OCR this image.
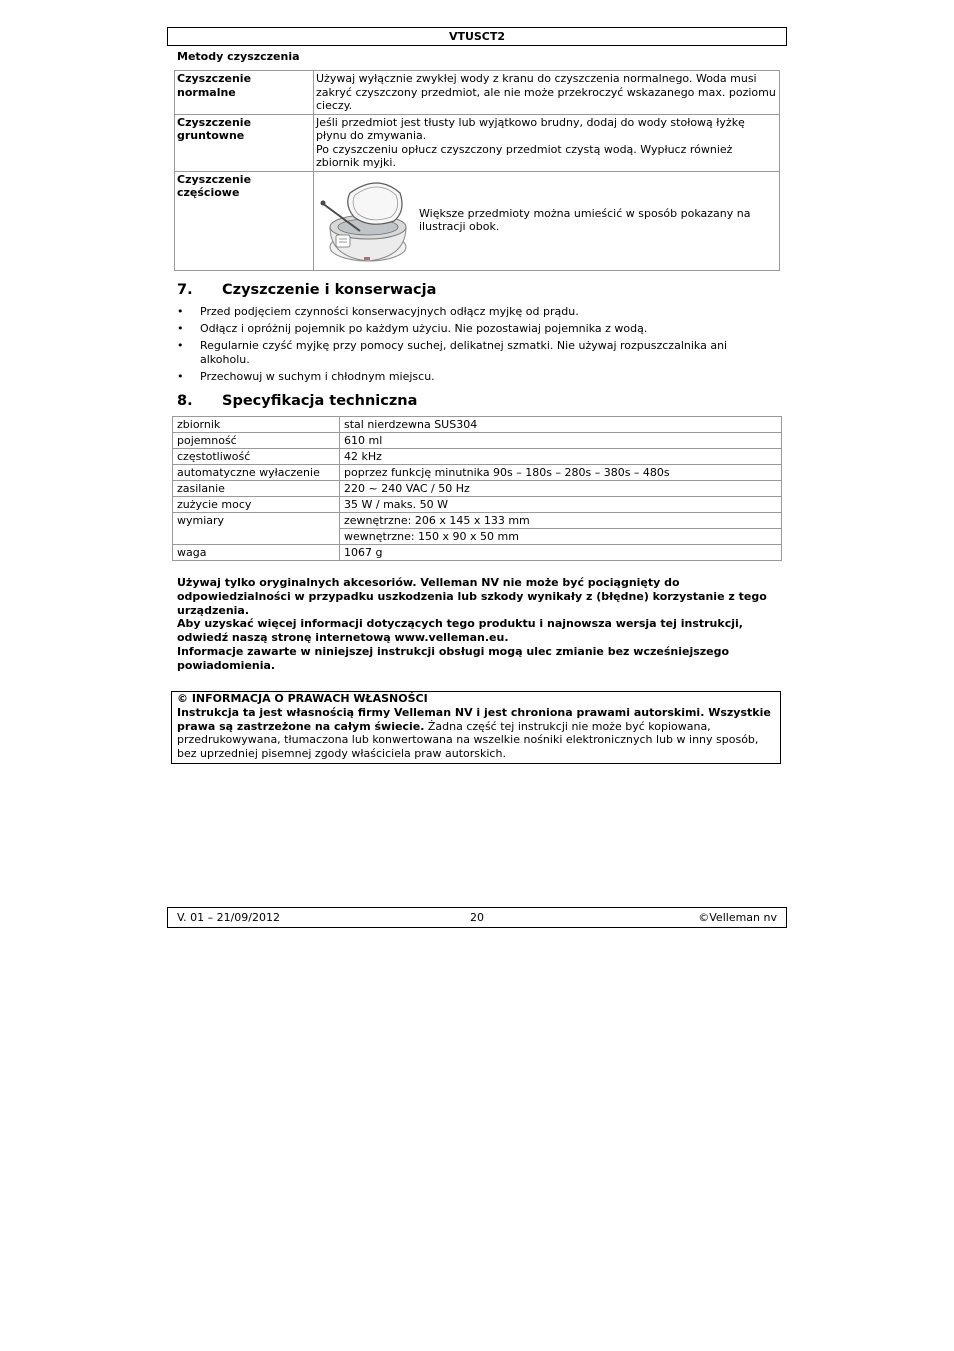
VTUSCT2
Metody czyszczenia
Czyszczenie normalne	Używaj wyłącznie zwykłej wody z kranu do czyszczenia normalnego. Woda musi zakryć czyszczony przedmiot, ale nie może przekroczyć wskazanego max. poziomu cieczy.
Czyszczenie gruntowne	Jeśli przedmiot jest tłusty lub wyjątkowo brudny, dodaj do wody stołową łyżkę płynu do zmywania.
Po czyszczeniu opłucz czyszczony przedmiot czystą wodą. Wypłucz również zbiornik myjki.

Czyszczenie częściowe	Większe przedmioty można umieścić w sposób pokazany na ilustracji obok.
7. Czyszczenie i konserwacja
• Przed podjęciem czynności konserwacyjnych odłącz myjkę od prądu.
• Odłącz i opróżnij pojemnik po każdym użyciu. Nie pozostawiaj pojemnika z wodą.
• Regularnie czyść myjkę przy pomocy suchej, delikatnej szmatki. Nie używaj rozpuszczalnika ani alkoholu.
• Przechowuj w suchym i chłodnym miejscu.
8. Specyfikacja techniczna
zbiornik	stal nierdzewna SUS304
pojemność	610 ml
częstotliwość	42 kHz
automatyczne wyłaczenie	poprzez funkcję minutnika 90s – 180s – 280s – 380s – 480s
zasilanie	220 ~ 240 VAC / 50 Hz
zużycie mocy	35 W / maks. 50 W
wymiary	zewnętrzne: 206 x 145 x 133 mm
	wewnętrzne: 150 x 90 x 50 mm
waga	1067 g
Używaj tylko oryginalnych akcesoriów. Velleman NV nie może być pociągnięty do odpowiedzialności w przypadku uszkodzenia lub szkody wynikały z (błędne) korzystanie z tego urządzenia.
Aby uzyskać więcej informacji dotyczących tego produktu i najnowsza wersja tej instrukcji, odwiedź naszą stronę internetową www.velleman.eu.
Informacje zawarte w niniejszej instrukcji obsługi mogą ulec zmianie bez wcześniejszego powiadomienia.
© INFORMACJA O PRAWACH WŁASNOŚCI
Instrukcja ta jest własnością firmy Velleman NV i jest chroniona prawami autorskimi. Wszystkie prawa są zastrzeżone na całym świecie. Żadna część tej instrukcji nie może być kopiowana, przedrukowywana, tłumaczona lub konwertowana na wszelkie nośniki elektronicznych lub w inny sposób, bez uprzedniej pisemnej zgody właściciela praw autorskich.
V. 01 – 21/09/2012	20	©Velleman nv
